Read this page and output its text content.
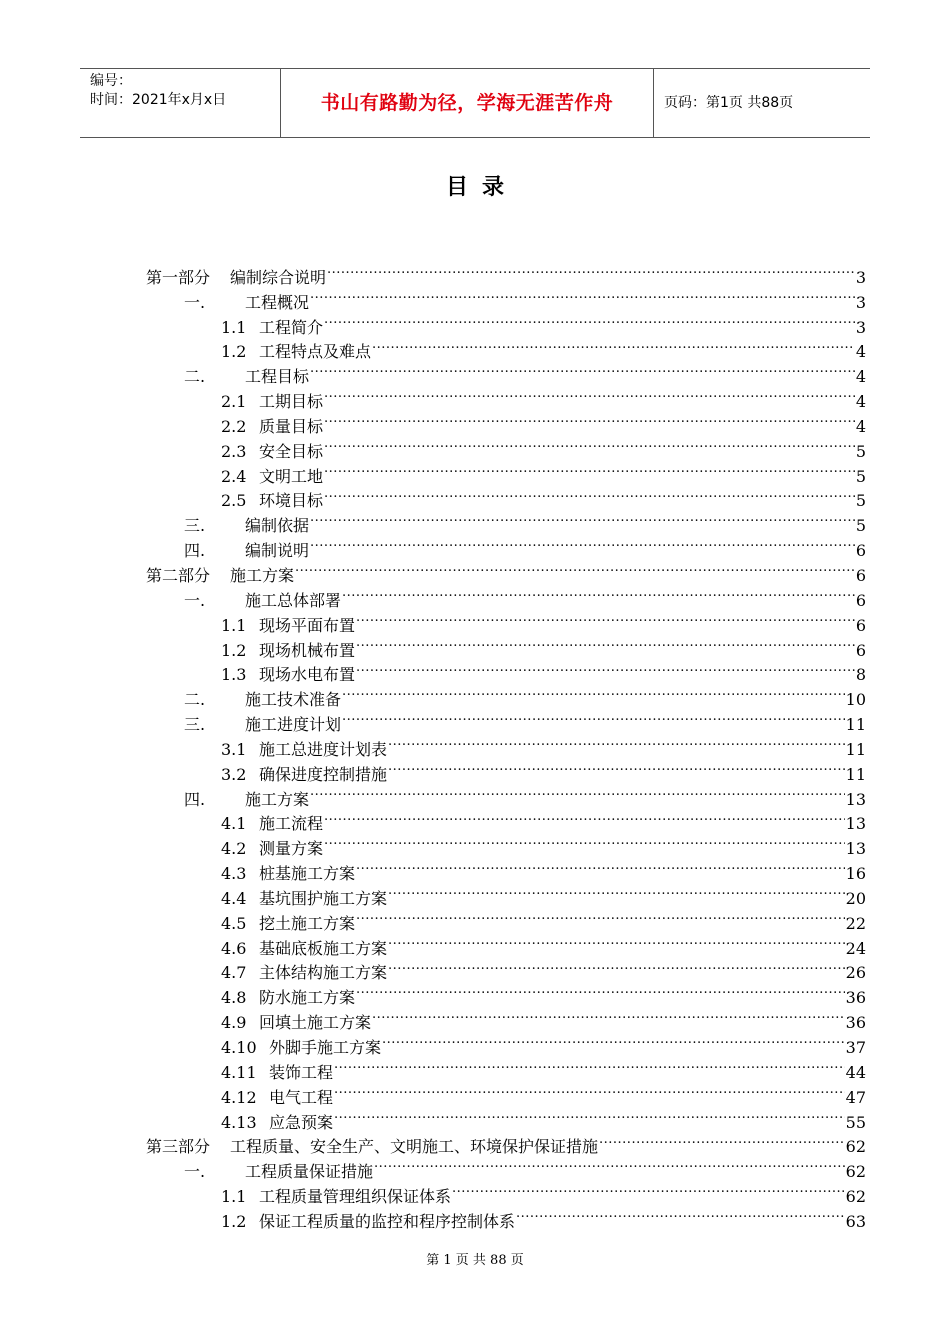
编号：
时间：2021年x月x日	书山有路勤为径，学海无涯苦作舟	页码：第1页 共88页
目录
第一部分	编制综合说明 .....	3
一.	工程概况 .....	3
1.1 工程简介 .....	3
1.2 工程特点及难点 .....	4
二.	工程目标 .....	4
2.1 工期目标 .....	4
2.2 质量目标 .....	4
2.3 安全目标 .....	5
2.4 文明工地 .....	5
2.5 环境目标 .....	5
三.	编制依据 .....	5
四.	编制说明 .....	6
第二部分	施工方案 .....	6
一.	施工总体部署 .....	6
1.1 现场平面布置 .....	6
1.2 现场机械布置 .....	6
1.3 现场水电布置 .....	8
二.	施工技术准备 .....	10
三.	施工进度计划 .....	11
3.1 施工总进度计划表 .....	11
3.2 确保进度控制措施 .....	11
四.	施工方案 .....	13
4.1 施工流程 .....	13
4.2 测量方案 .....	13
4.3 桩基施工方案 .....	16
4.4 基坑围护施工方案 .....	20
4.5 挖土施工方案 .....	22
4.6 基础底板施工方案 .....	24
4.7 主体结构施工方案 .....	26
4.8 防水施工方案 .....	36
4.9 回填土施工方案 .....	36
4.10 外脚手施工方案 .....	37
4.11 装饰工程 .....	44
4.12 电气工程 .....	47
4.13 应急预案 .....	55
第三部分	工程质量、安全生产、文明施工、环境保护保证措施 .....	62
一.	工程质量保证措施 .....	62
1.1 工程质量管理组织保证体系 .....	62
1.2 保证工程质量的监控和程序控制体系 .....	63
第 1 页 共 88 页
